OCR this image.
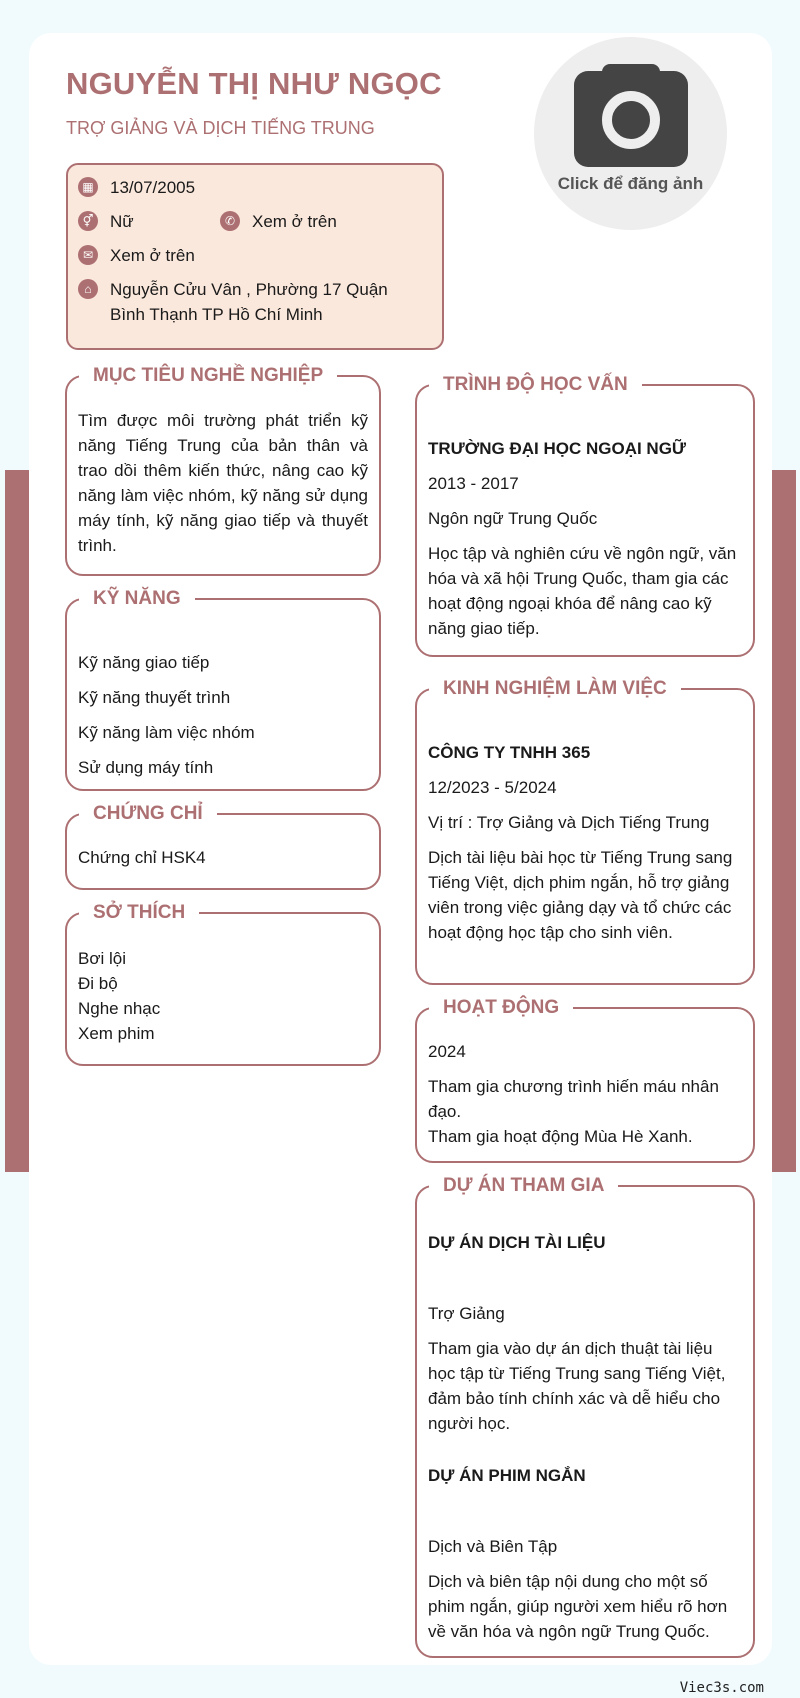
NGUYỄN THỊ NHƯ NGỌC
TRỢ GIẢNG VÀ DỊCH TIẾNG TRUNG
Click để đăng ảnh
▦ 13/07/2005
⚥ Nữ	✆ Xem ở trên
✉ Xem ở trên
⌂	Nguyễn Cửu Vân , Phường 17 Quận
Bình Thạnh TP Hồ Chí Minh
MỤC TIÊU NGHỀ NGHIỆP
Tìm được môi trường phát triển kỹ năng Tiếng Trung của bản thân và trao dồi thêm kiến thức, nâng cao kỹ năng làm việc nhóm, kỹ năng sử dụng máy tính, kỹ năng giao tiếp và thuyết trình.
KỸ NĂNG
Kỹ năng giao tiếp
Kỹ năng thuyết trình
Kỹ năng làm việc nhóm
Sử dụng máy tính
CHỨNG CHỈ
Chứng chỉ HSK4
SỞ THÍCH
Bơi lội
Đi bộ
Nghe nhạc
Xem phim
TRÌNH ĐỘ HỌC VẤN
TRƯỜNG ĐẠI HỌC NGOẠI NGỮ
2013 - 2017
Ngôn ngữ Trung Quốc
Học tập và nghiên cứu về ngôn ngữ, văn hóa và xã hội Trung Quốc, tham gia các hoạt động ngoại khóa để nâng cao kỹ năng giao tiếp.
KINH NGHIỆM LÀM VIỆC
CÔNG TY TNHH 365
12/2023 - 5/2024
Vị trí : Trợ Giảng và Dịch Tiếng Trung
Dịch tài liệu bài học từ Tiếng Trung sang Tiếng Việt, dịch phim ngắn, hỗ trợ giảng viên trong việc giảng dạy và tổ chức các hoạt động học tập cho sinh viên.
HOẠT ĐỘNG
2024
Tham gia chương trình hiến máu nhân đạo.
Tham gia hoạt động Mùa Hè Xanh.
DỰ ÁN THAM GIA
DỰ ÁN DỊCH TÀI LIỆU
Trợ Giảng
Tham gia vào dự án dịch thuật tài liệu học tập từ Tiếng Trung sang Tiếng Việt, đảm bảo tính chính xác và dễ hiểu cho người học.
DỰ ÁN PHIM NGẮN
Dịch và Biên Tập
Dịch và biên tập nội dung cho một số phim ngắn, giúp người xem hiểu rõ hơn về văn hóa và ngôn ngữ Trung Quốc.
Viec3s.com
